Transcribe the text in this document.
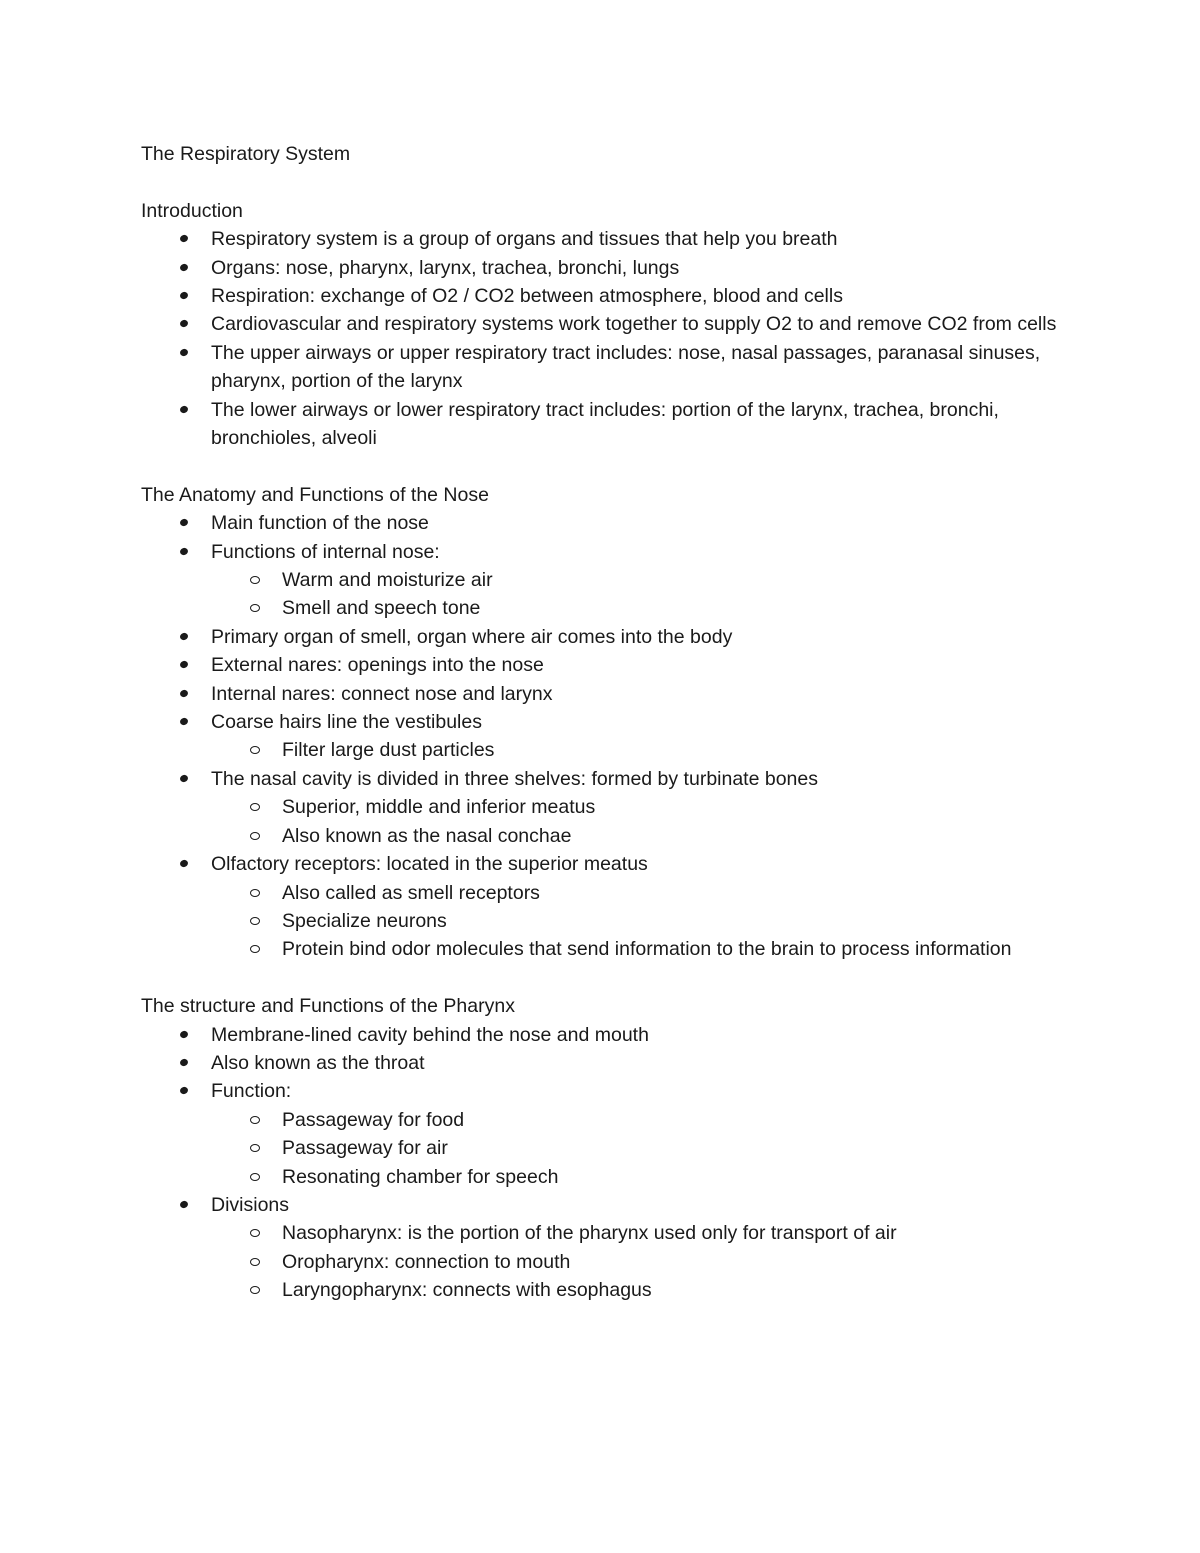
The Respiratory System
Introduction
Respiratory system is a group of organs and tissues that help you breath
Organs: nose, pharynx, larynx, trachea, bronchi, lungs
Respiration: exchange of O2 / CO2 between atmosphere, blood and cells
Cardiovascular and respiratory systems work together to supply O2 to and remove CO2 from cells
The upper airways or upper respiratory tract includes: nose, nasal passages, paranasal sinuses, pharynx, portion of the larynx
The lower airways or lower respiratory tract includes: portion of the larynx, trachea, bronchi, bronchioles, alveoli
The Anatomy and Functions of the Nose
Main function of the nose
Functions of internal nose:
Warm and moisturize air
Smell and speech tone
Primary organ of smell, organ where air comes into the body
External nares: openings into the nose
Internal nares: connect nose and larynx
Coarse hairs line the vestibules
Filter large dust particles
The nasal cavity is divided in three shelves: formed by turbinate bones
Superior, middle and inferior meatus
Also known as the nasal conchae
Olfactory receptors: located in the superior meatus
Also called as smell receptors
Specialize neurons
Protein bind odor molecules that send information to the brain to process information
The structure and Functions of the Pharynx
Membrane-lined cavity behind the nose and mouth
Also known as the throat
Function:
Passageway for food
Passageway for air
Resonating chamber for speech
Divisions
Nasopharynx: is the portion of the pharynx used only for transport of air
Oropharynx: connection to mouth
Laryngopharynx: connects with esophagus
